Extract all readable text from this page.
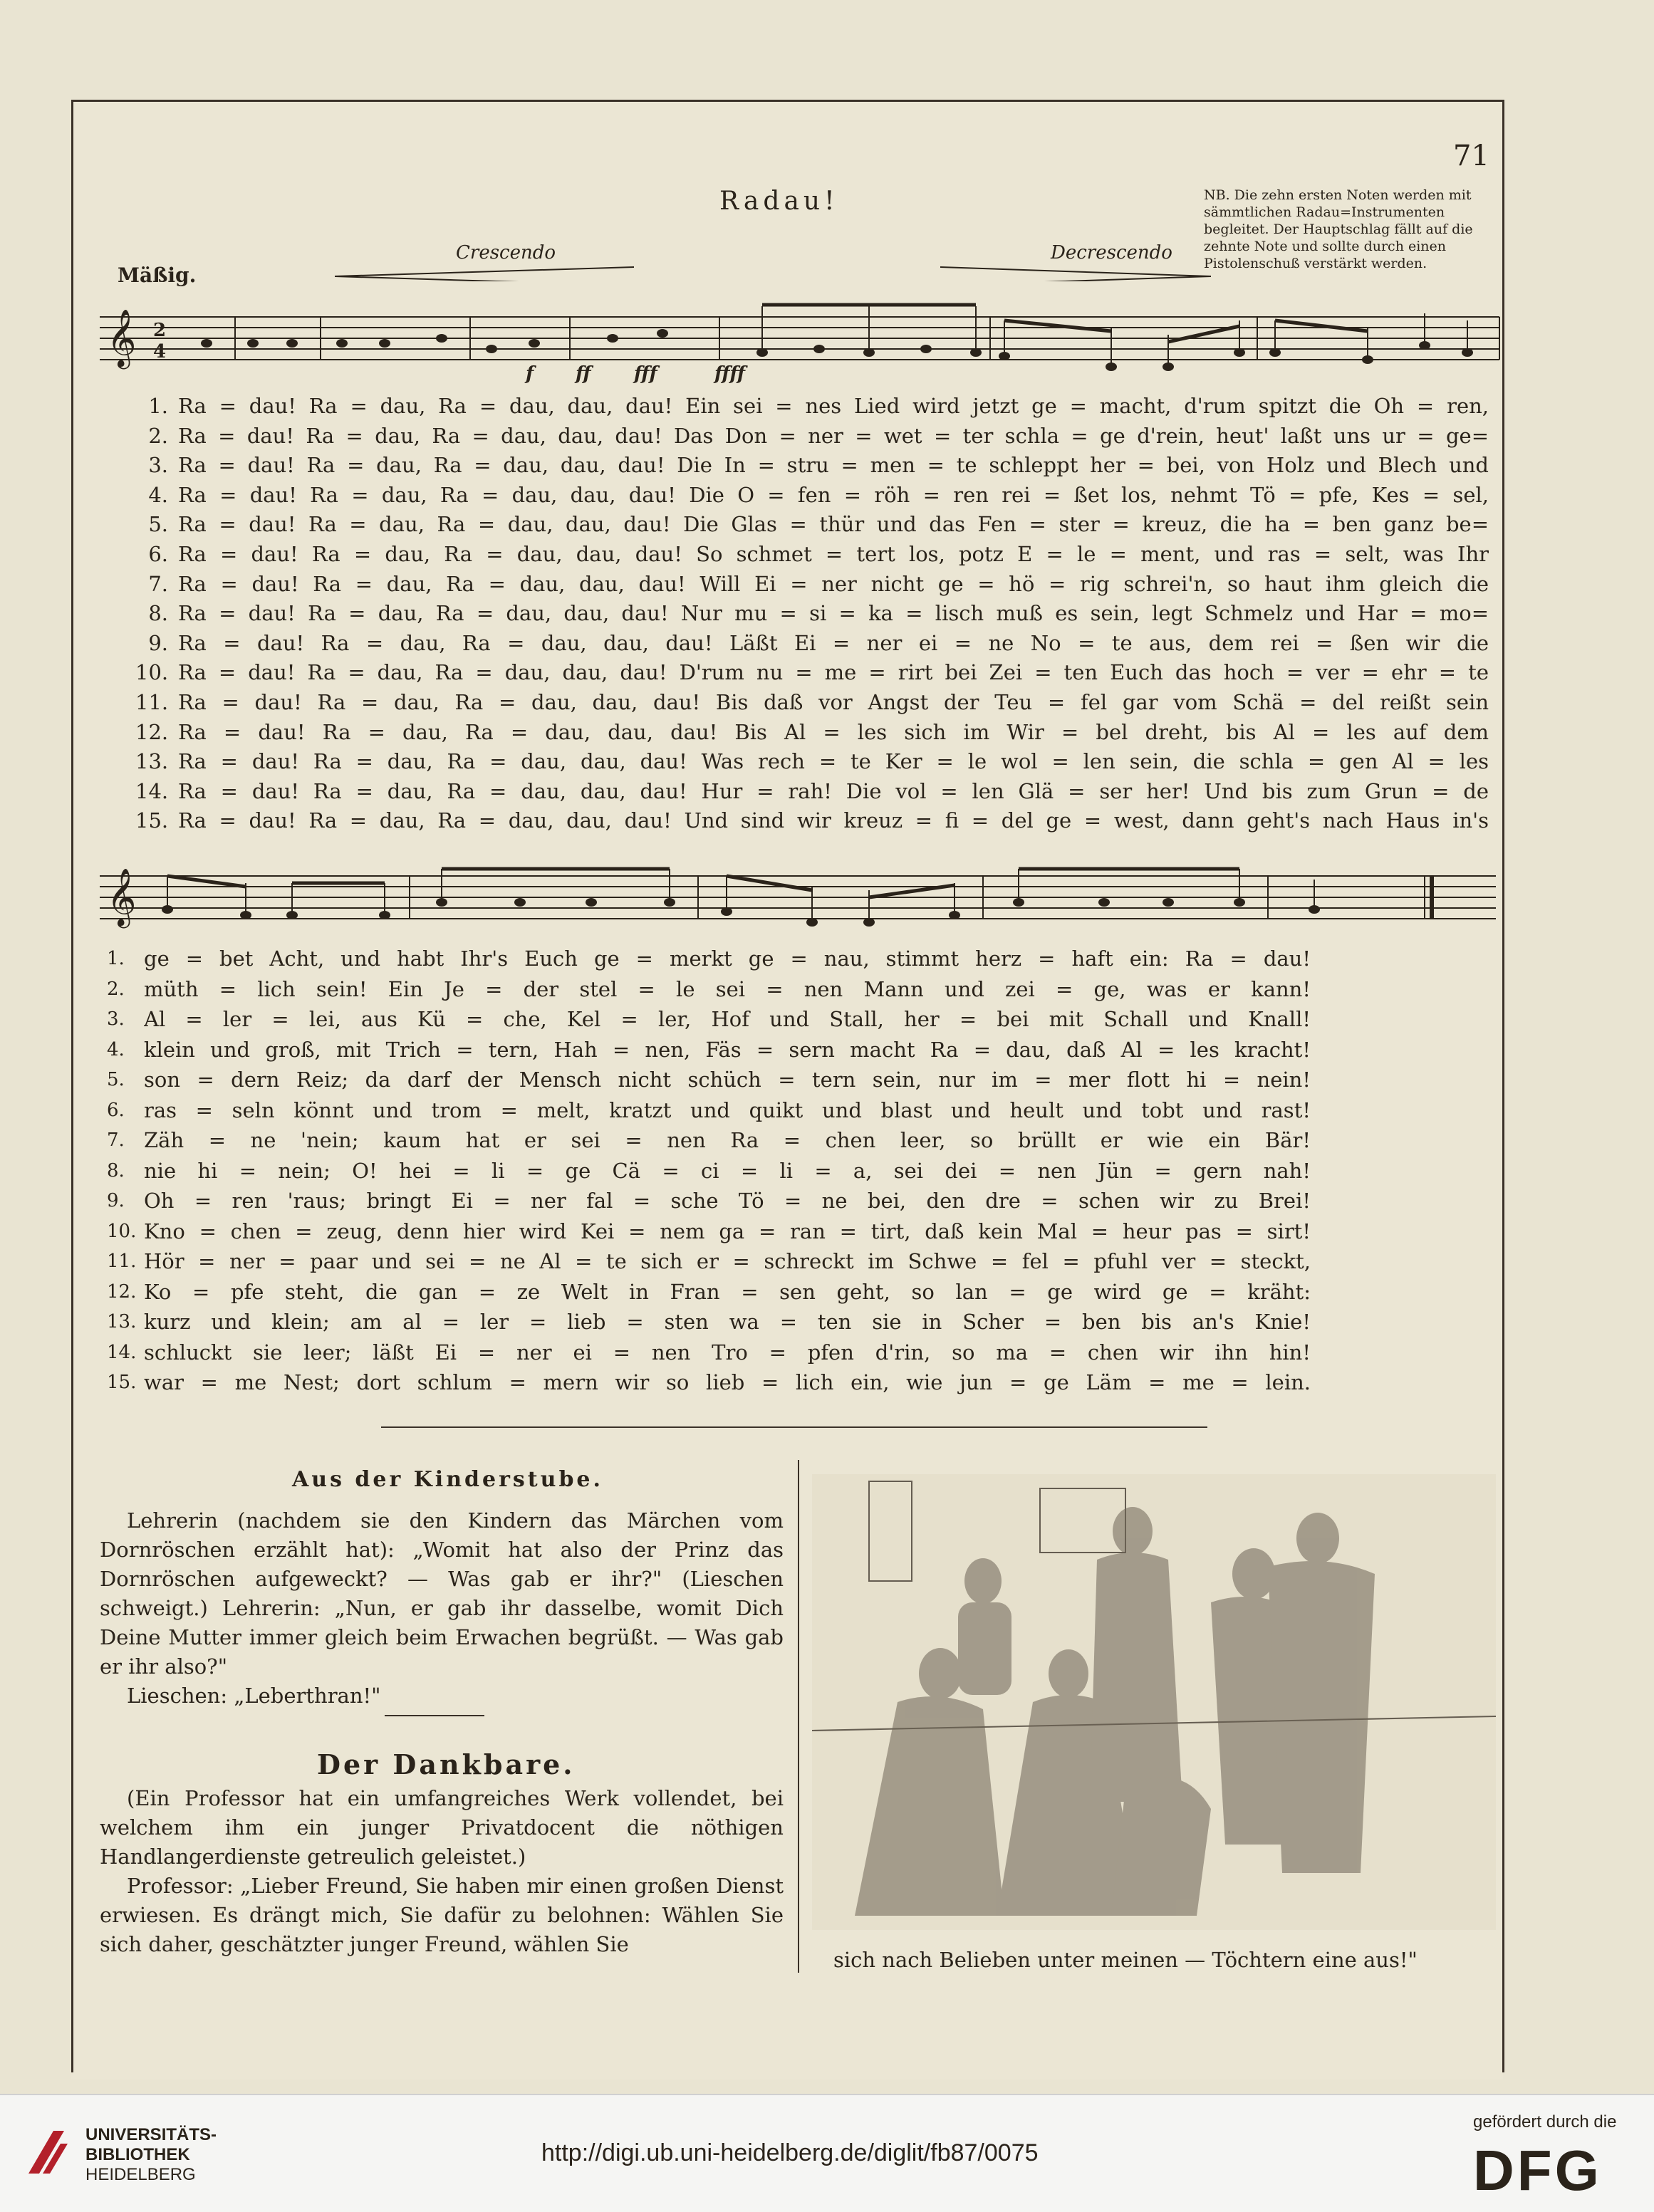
71
Radau!	NB. Die zehn ersten Noten werden mit sämmtlichen Radau=Instrumenten begleitet. Der Hauptschlag fällt auf die zehnte Note und sollte durch einen Pistolenschuß verstärkt werden.
Mäßig.
Crescendo	Decrescendo
𝄞 2
4
f ff fff	ffff
1. Ra = dau! Ra = dau, Ra = dau, dau, dau! Ein sei = nes Lied wird jetzt ge = macht, d'rum spitzt die Oh = ren,
2. Ra = dau! Ra = dau, Ra = dau, dau, dau! Das Don = ner = wet = ter schla = ge d'rein, heut' laßt uns ur = ge=
3. Ra = dau! Ra = dau, Ra = dau, dau, dau! Die In = stru = men = te schleppt her = bei, von Holz und Blech und
4. Ra = dau! Ra = dau, Ra = dau, dau, dau! Die O = fen = röh = ren rei = ßet los, nehmt Tö = pfe, Kes = sel,
5. Ra = dau! Ra = dau, Ra = dau, dau, dau! Die Glas = thür und das Fen = ster = kreuz, die ha = ben ganz be=
6. Ra = dau! Ra = dau, Ra = dau, dau, dau! So schmet = tert los, potz E = le = ment, und ras = selt, was Ihr
7. Ra = dau! Ra = dau, Ra = dau, dau, dau! Will Ei = ner nicht ge = hö = rig schrei'n, so haut ihm gleich die
8. Ra = dau! Ra = dau, Ra = dau, dau, dau! Nur mu = si = ka = lisch muß es sein, legt Schmelz und Har = mo=
9. Ra = dau! Ra = dau, Ra = dau, dau, dau! Läßt Ei = ner ei = ne No = te aus, dem rei = ßen wir die
10. Ra = dau! Ra = dau, Ra = dau, dau, dau! D'rum nu = me = rirt bei Zei = ten Euch das hoch = ver = ehr = te
11. Ra = dau! Ra = dau, Ra = dau, dau, dau! Bis daß vor Angst der Teu = fel gar vom Schä = del reißt sein
12. Ra = dau! Ra = dau, Ra = dau, dau, dau! Bis Al = les sich im Wir = bel dreht, bis Al = les auf dem
13. Ra = dau! Ra = dau, Ra = dau, dau, dau! Was rech = te Ker = le wol = len sein, die schla = gen Al = les
14. Ra = dau! Ra = dau, Ra = dau, dau, dau! Hur = rah! Die vol = len Glä = ser her! Und bis zum Grun = de
15. Ra = dau! Ra = dau, Ra = dau, dau, dau! Und sind wir kreuz = fi = del ge = west, dann geht's nach Haus in's
𝄞
1. ge = bet Acht, und habt Ihr's Euch ge = merkt ge = nau, stimmt herz = haft ein: Ra = dau!
2. müth = lich sein! Ein Je = der stel = le sei = nen Mann und zei = ge, was er kann!
3. Al = ler = lei, aus Kü = che, Kel = ler, Hof und Stall, her = bei mit Schall und Knall!
4. klein und groß, mit Trich = tern, Hah = nen, Fäs = sern macht Ra = dau, daß Al = les kracht!
5. son = dern Reiz; da darf der Mensch nicht schüch = tern sein, nur im = mer flott hi = nein!
6. ras = seln könnt und trom = melt, kratzt und quikt und blast und heult und tobt und rast!
7. Zäh = ne 'nein; kaum hat er sei = nen Ra = chen leer, so brüllt er wie ein Bär!
8. nie hi = nein; O! hei = li = ge Cä = ci = li = a, sei dei = nen Jün = gern nah!
9. Oh = ren 'raus; bringt Ei = ner fal = sche Tö = ne bei, den dre = schen wir zu Brei!
10. Kno = chen = zeug, denn hier wird Kei = nem ga = ran = tirt, daß kein Mal = heur pas = sirt!
11. Hör = ner = paar und sei = ne Al = te sich er = schreckt im Schwe = fel = pfuhl ver = steckt,
12. Ko = pfe steht, die gan = ze Welt in Fran = sen geht, so lan = ge wird ge = kräht:
13. kurz und klein; am al = ler = lieb = sten wa = ten sie in Scher = ben bis an's Knie!
14. schluckt sie leer; läßt Ei = ner ei = nen Tro = pfen d'rin, so ma = chen wir ihn hin!
15. war = me Nest; dort schlum = mern wir so lieb = lich ein, wie jun = ge Läm = me = lein.
Aus der Kinderstube.

Lehrerin (nachdem sie den Kindern das Märchen vom Dornröschen erzählt hat): „Womit hat also der Prinz das Dornröschen aufgeweckt? — Was gab er ihr?" (Lieschen schweigt.) Lehrerin: „Nun, er gab ihr dasselbe, womit Dich Deine Mutter immer gleich beim Erwachen begrüßt. — Was gab er ihr also?"

Lieschen: „Leberthran!"

Der Dankbare.

(Ein Professor hat ein umfangreiches Werk vollendet, bei welchem ihm ein junger Privatdocent die nöthigen Handlangerdienste getreulich geleistet.)

Professor: „Lieber Freund, Sie haben mir einen großen Dienst erwiesen. Es drängt mich, Sie dafür zu belohnen: Wählen Sie sich daher, geschätzter junger Freund, wählen Sie

sich nach Belieben unter meinen — Töchtern eine aus!"
UNIVERSITÄTS-
BIBLIOTHEK
HEIDELBERG
http://digi.ub.uni-heidelberg.de/diglit/fb87/0075
gefördert durch die
DFG
